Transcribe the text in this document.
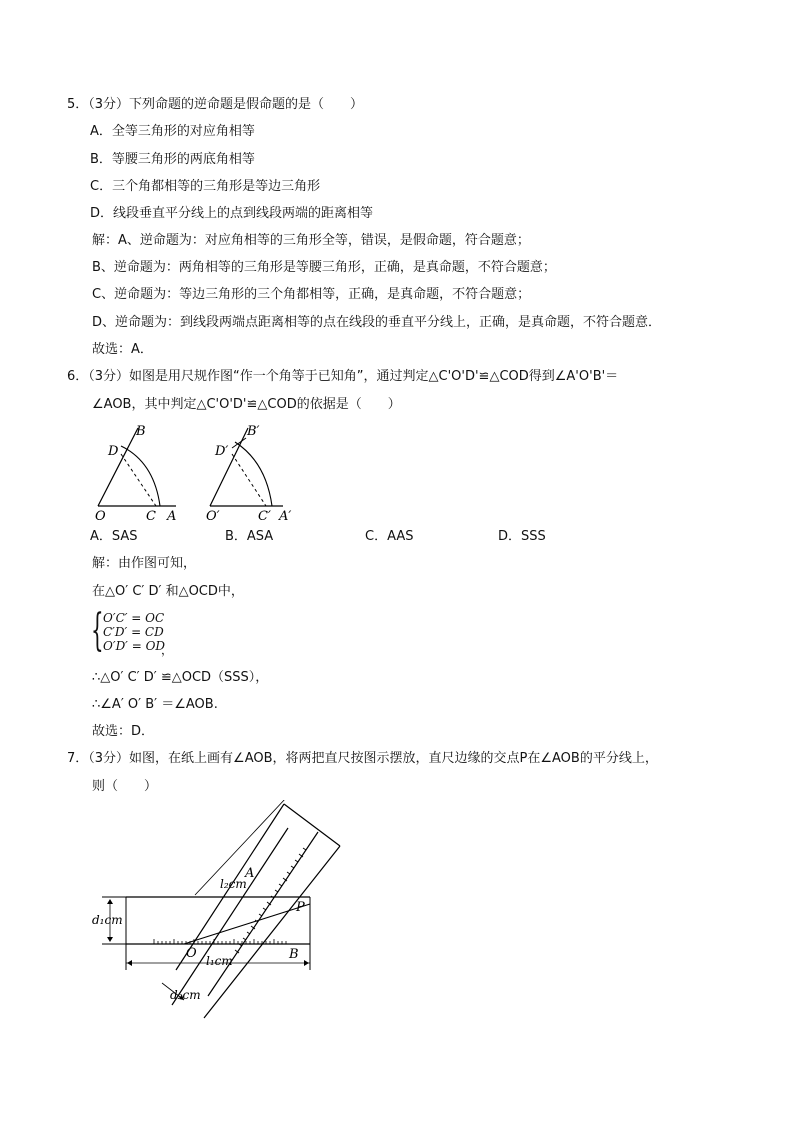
5．（3分）下列命题的逆命题是假命题的是（　　）
A．全等三角形的对应角相等
B．等腰三角形的两底角相等
C．三个角都相等的三角形是等边三角形
D．线段垂直平分线上的点到线段两端的距离相等
解：A、逆命题为：对应角相等的三角形全等，错误，是假命题，符合题意；
B、逆命题为：两角相等的三角形是等腰三角形，正确，是真命题，不符合题意；
C、逆命题为：等边三角形的三个角都相等，正确，是真命题，不符合题意；
D、逆命题为：到线段两端点距离相等的点在线段的垂直平分线上，正确，是真命题，不符合题意．
故选：A．
6．（3分）如图是用尺规作图“作一个角等于已知角”，通过判定△C'O'D'≌△COD得到∠A'O'B'＝
∠AOB，其中判定△C'O'D'≌△COD的依据是（　　）
B
D
O	C A
B′
D′
O′	C′ A′
A．SAS	B．ASA	C．AAS	D．SSS
解：由作图可知，
在△O′ C′ D′ 和△OCD中，
{ O′C′ = OC
C′D′ = CD
O′D′ = OD
，
∴△O′ C′ D′ ≌△OCD（SSS），
∴∠A′ O′ B′ ＝∠AOB.
故选：D．
7．（3分）如图，在纸上画有∠AOB，将两把直尺按图示摆放，直尺边缘的交点P在∠AOB的平分线上，
则（　　）
l₂cm
A
d₁cm
P
O l₁cm	B
d₂cm
